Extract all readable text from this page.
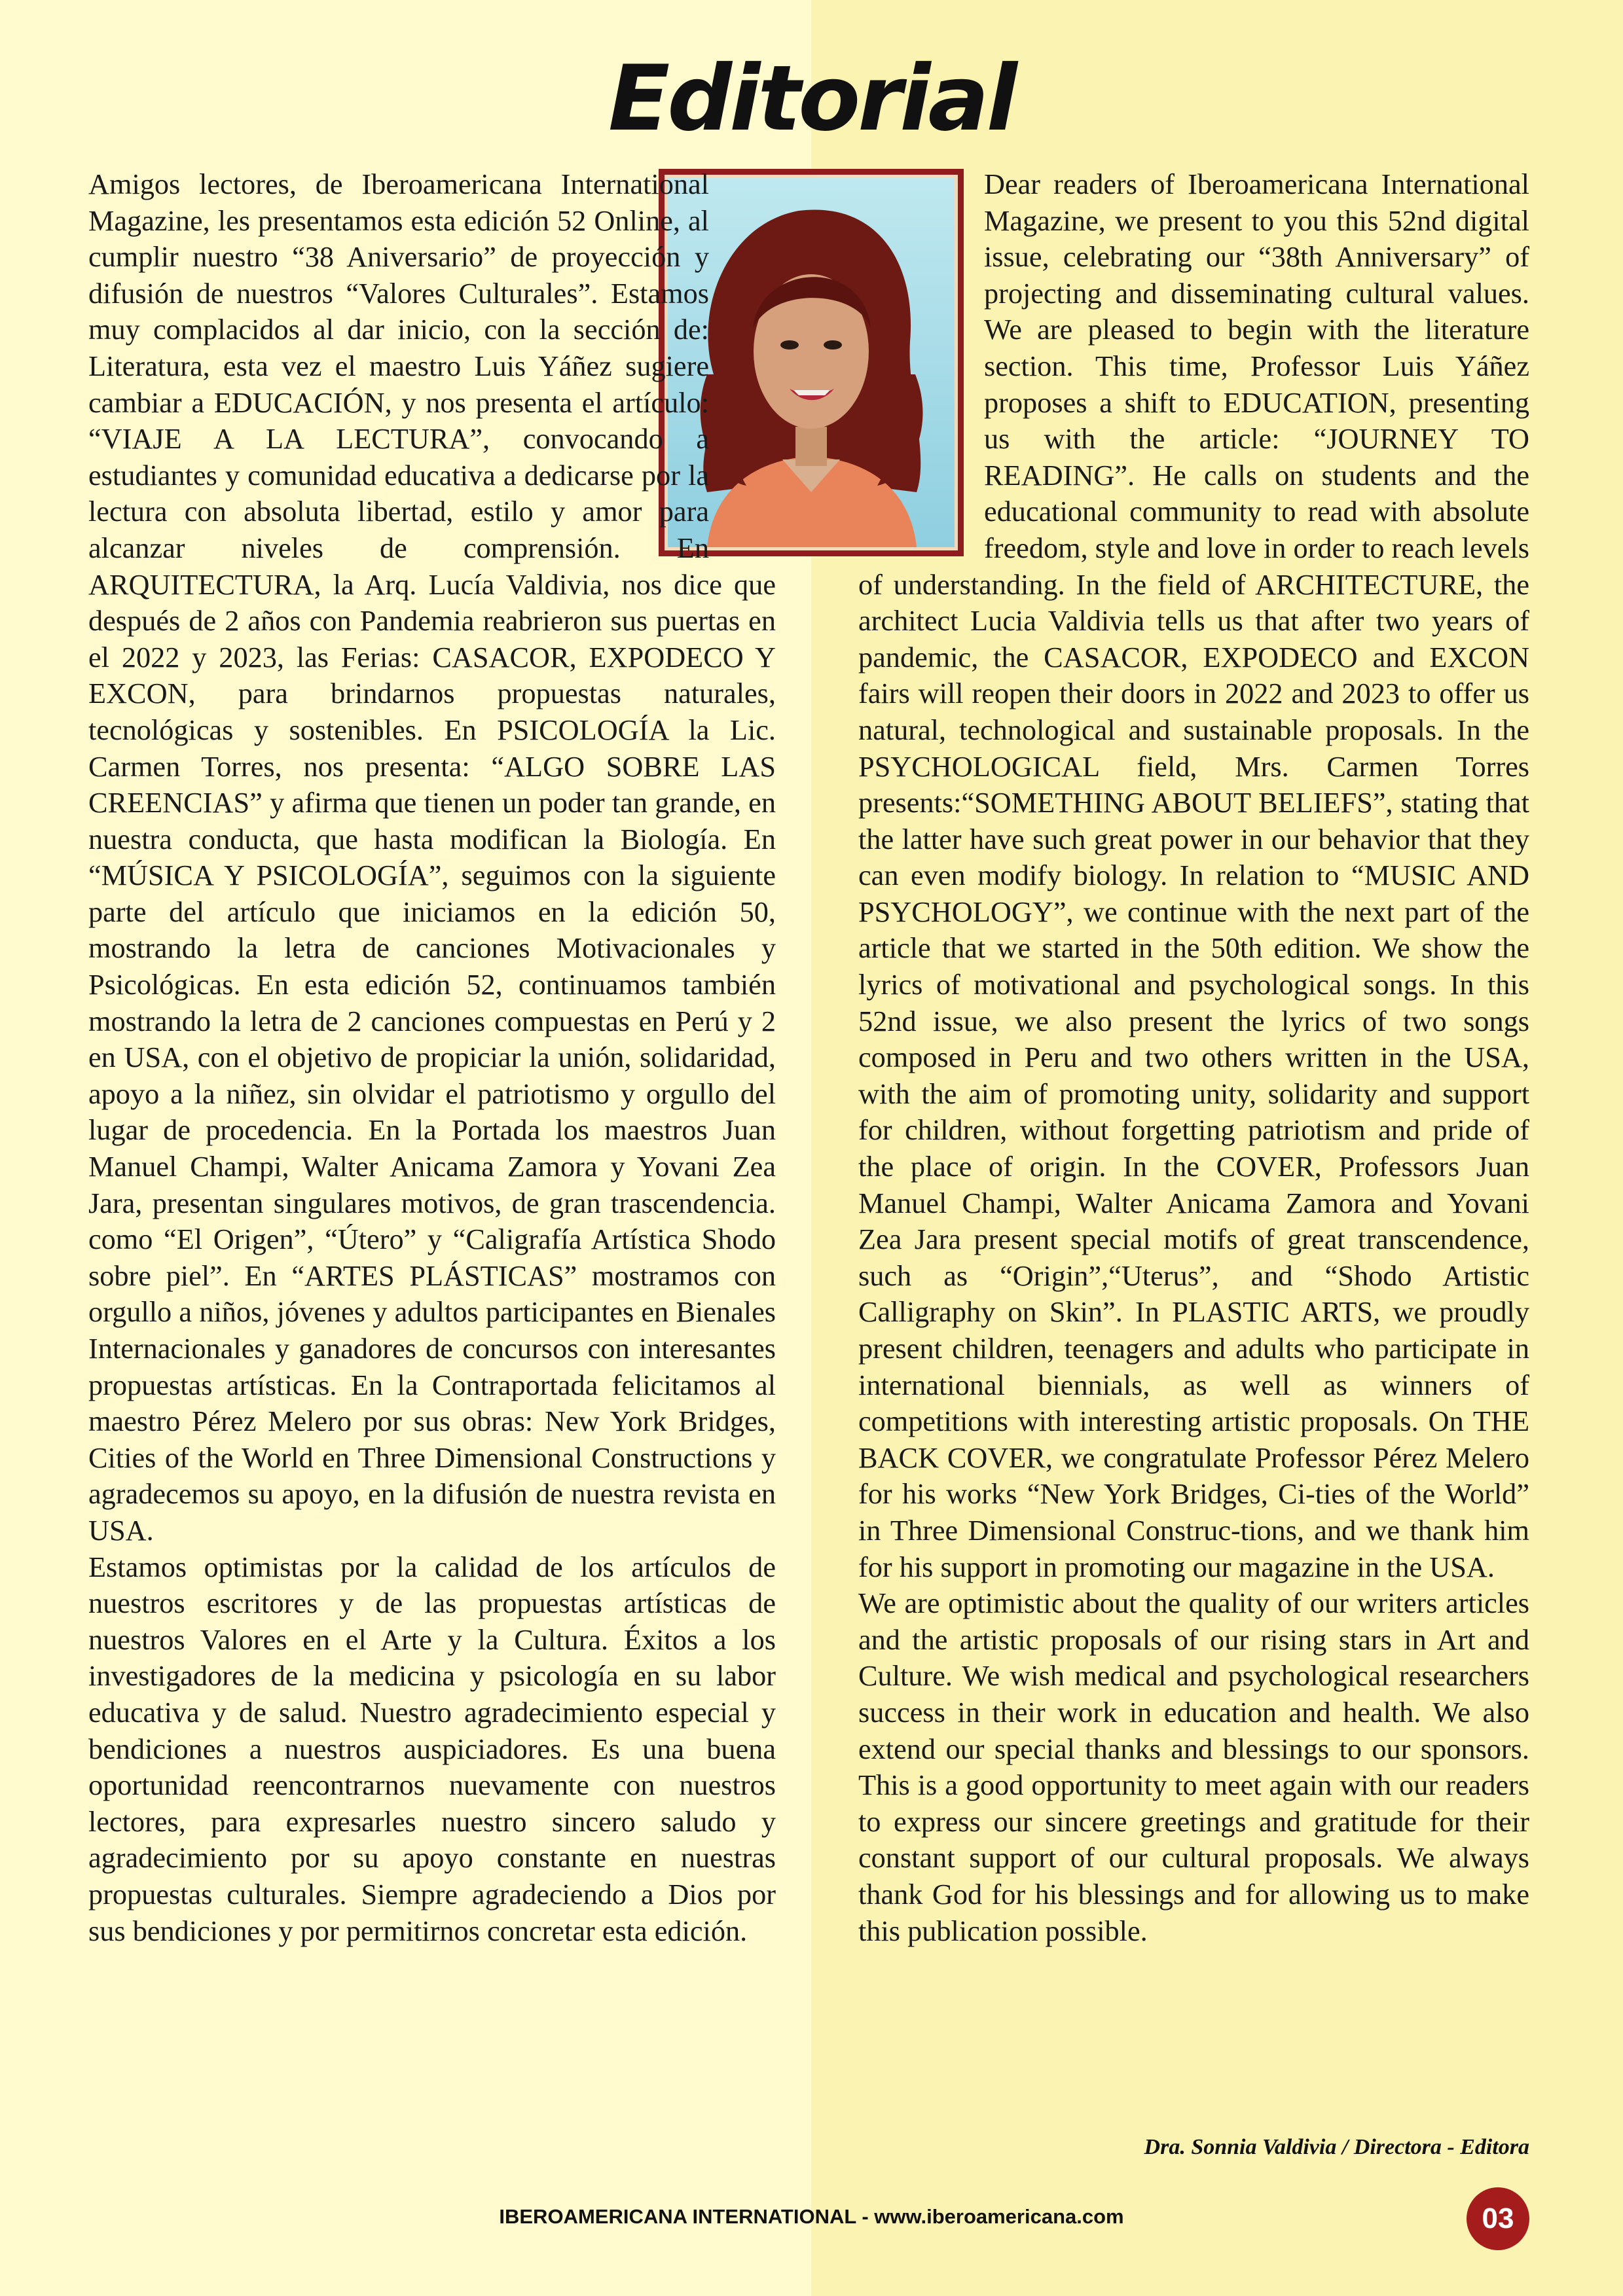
Editorial

Amigos lectores, de Iberoamericana International Magazine, les presentamos esta edición 52 Online, al cumplir nuestro “38 Aniversario” de proyección y difusión de nuestros “Valores Culturales”. Estamos muy complacidos al dar inicio, con la sección de: Literatura, esta vez el maestro Luis Yáñez sugiere cambiar a EDUCACIÓN, y nos presenta el artículo: “VIAJE A LA LECTURA”, convocando a estudiantes y comunidad educativa a dedicarse por la lectura con absoluta libertad, estilo y amor para alcanzar niveles de comprensión. En ARQUITECTURA, la Arq. Lucía Valdivia, nos dice que después de 2 años con Pandemia reabrieron sus puertas en el 2022 y 2023, las Ferias: CASACOR, EXPODECO Y EXCON, para brindarnos propuestas naturales, tecnológicas y sostenibles. En PSICOLOGÍA la Lic. Carmen Torres, nos presenta: “ALGO SOBRE LAS CREENCIAS” y afirma que tienen un poder tan grande, en nuestra conducta, que hasta modifican la Biología. En “MÚSICA Y PSICOLOGÍA”, seguimos con la siguiente parte del artículo que iniciamos en la edición 50, mostrando la letra de canciones Motivacionales y Psicológicas. En esta edición 52, continuamos también mostrando la letra de 2 canciones compuestas en Perú y 2 en USA, con el objetivo de propiciar la unión, solidaridad, apoyo a la niñez, sin olvidar el patriotismo y orgullo del lugar de procedencia. En la Portada los maestros Juan Manuel Champi, Walter Anicama Zamora y Yovani Zea Jara, presentan singulares motivos, de gran trascendencia. como “El Origen”, “Útero” y “Caligrafía Artística Shodo sobre piel”. En “ARTES PLÁSTICAS” mostramos con orgullo a niños, jóvenes y adultos participantes en Bienales Internacionales y ganadores de concursos con interesantes propuestas artísticas. En la Contraportada felicitamos al maestro Pérez Melero por sus obras: New York Bridges, Cities of the World en Three Dimensional Constructions y agradecemos su apoyo, en la difusión de nuestra revista en USA.

Estamos optimistas por la calidad de los artículos de nuestros escritores y de las propuestas artísticas de nuestros Valores en el Arte y la Cultura. Éxitos a los investigadores de la medicina y psicología en su labor educativa y de salud. Nuestro agradecimiento especial y bendiciones a nuestros auspiciadores. Es una buena oportunidad reencontrarnos nuevamente con nuestros lectores, para expresarles nuestro sincero saludo y agradecimiento por su apoyo constante en nuestras propuestas culturales. Siempre agradeciendo a Dios por sus bendiciones y por permitirnos concretar esta edición.

Dear readers of Iberoamericana International Magazine, we present to you this 52nd digital issue, celebrating our “38th Anniversary” of projecting and disseminating cultural values. We are pleased to begin with the literature section. This time, Professor Luis Yáñez proposes a shift to EDUCATION, presenting us with the article: “JOURNEY TO READING”. He calls on students and the educational community to read with absolute freedom, style and love in order to reach levels of understanding. In the field of ARCHITECTURE, the architect Lucia Valdivia tells us that after two years of pandemic, the CASACOR, EXPODECO and EXCON fairs will reopen their doors in 2022 and 2023 to offer us natural, technological and sustainable proposals. In the PSYCHOLOGICAL field, Mrs. Carmen Torres presents:“SOMETHING ABOUT BELIEFS”, stating that the latter have such great power in our behavior that they can even modify biology. In relation to “MUSIC AND PSYCHOLOGY”, we continue with the next part of the article that we started in the 50th edition. We show the lyrics of motivational and psychological songs. In this 52nd issue, we also present the lyrics of two songs composed in Peru and two others written in the USA, with the aim of promoting unity, solidarity and support for children, without forgetting patriotism and pride of the place of origin. In the COVER, Professors Juan Manuel Champi, Walter Anicama Zamora and Yovani Zea Jara present special motifs of great transcendence, such as “Origin”,“Uterus”, and “Shodo Artistic Calligraphy on Skin”. In PLASTIC ARTS, we proudly present children, teenagers and adults who participate in international biennials, as well as winners of competitions with interesting artistic proposals. On THE BACK COVER, we congratulate Professor Pérez Melero for his works “New York Bridges, Ci-ties of the World” in Three Dimensional Construc-tions, and we thank him for his support in promoting our magazine in the USA.

We are optimistic about the quality of our writers articles and the artistic proposals of our rising stars in Art and Culture. We wish medical and psychological researchers success in their work in education and health. We also extend our special thanks and blessings to our sponsors. This is a good opportunity to meet again with our readers to express our sincere greetings and gratitude for their constant support of our cultural proposals. We always thank God for his blessings and for allowing us to make this publication possible.

Dra. Sonnia Valdivia / Directora - Editora
IBEROAMERICANA INTERNATIONAL - www.iberoamericana.com	03
